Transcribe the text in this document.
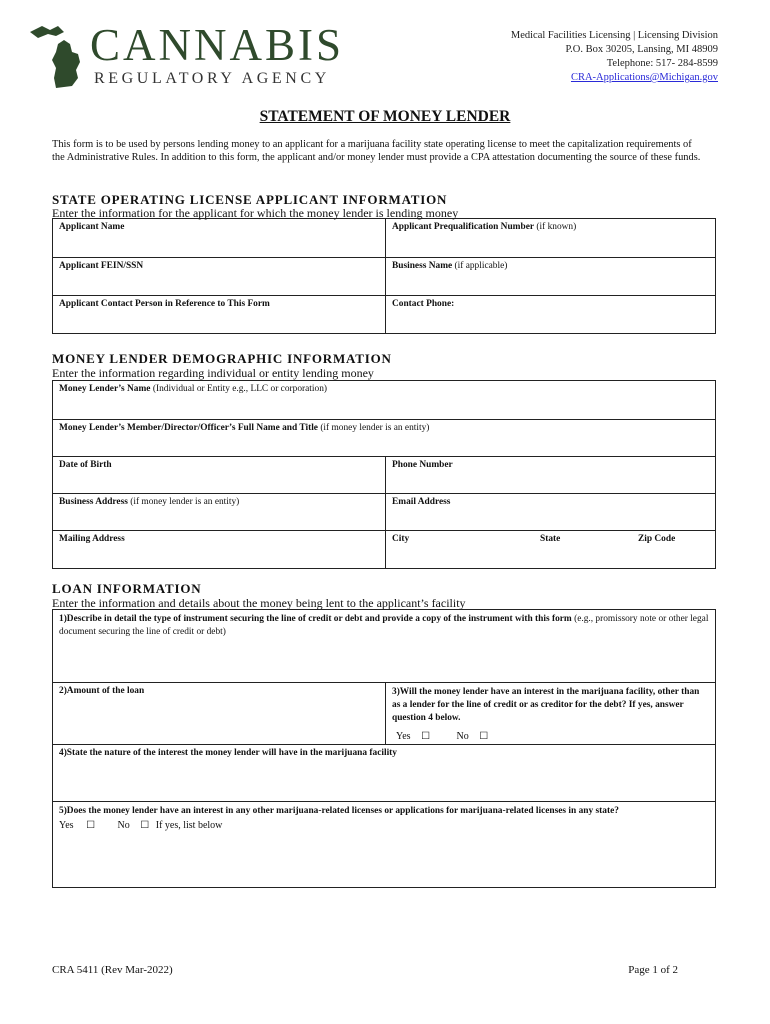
CANNABIS
REGULATORY AGENCY
Medical Facilities Licensing | Licensing Division
P.O. Box 30205, Lansing, MI 48909
Telephone: 517- 284-8599
CRA-Applications@Michigan.gov
STATEMENT OF MONEY LENDER
This form is to be used by persons lending money to an applicant for a marijuana facility state operating license to meet the capitalization requirements of the Administrative Rules. In addition to this form, the applicant and/or money lender must provide a CPA attestation documenting the source of these funds.
STATE OPERATING LICENSE APPLICANT INFORMATION
Enter the information for the applicant for which the money lender is lending money
Applicant Name	Applicant Prequalification Number (if known)
Applicant FEIN/SSN	Business Name (if applicable)
Applicant Contact Person in Reference to This Form	Contact Phone:
MONEY LENDER DEMOGRAPHIC INFORMATION
Enter the information regarding individual or entity lending money
Money Lender’s Name (Individual or Entity e.g., LLC or corporation)
Money Lender’s Member/Director/Officer’s Full Name and Title (if money lender is an entity)
Date of Birth	Phone Number
Business Address (if money lender is an entity)	Email Address
Mailing Address	City	State	Zip Code
LOAN INFORMATION
Enter the information and details about the money being lent to the applicant’s facility
1)Describe in detail the type of instrument securing the line of credit or debt and provide a copy of the instrument with this form (e.g., promissory note or other legal document securing the line of credit or debt)
2)Amount of the loan	3)Will the money lender have an interest in the marijuana facility, other than as a lender for the line of credit or as creditor for the debt? If yes, answer question 4 below.
Yes ☐	No ☐
4)State the nature of the interest the money lender will have in the marijuana facility
5)Does the money lender have an interest in any other marijuana-related licenses or applications for marijuana-related licenses in any state?
Yes ☐ No ☐ If yes, list below
CRA 5411 (Rev Mar-2022)	Page 1 of 2
